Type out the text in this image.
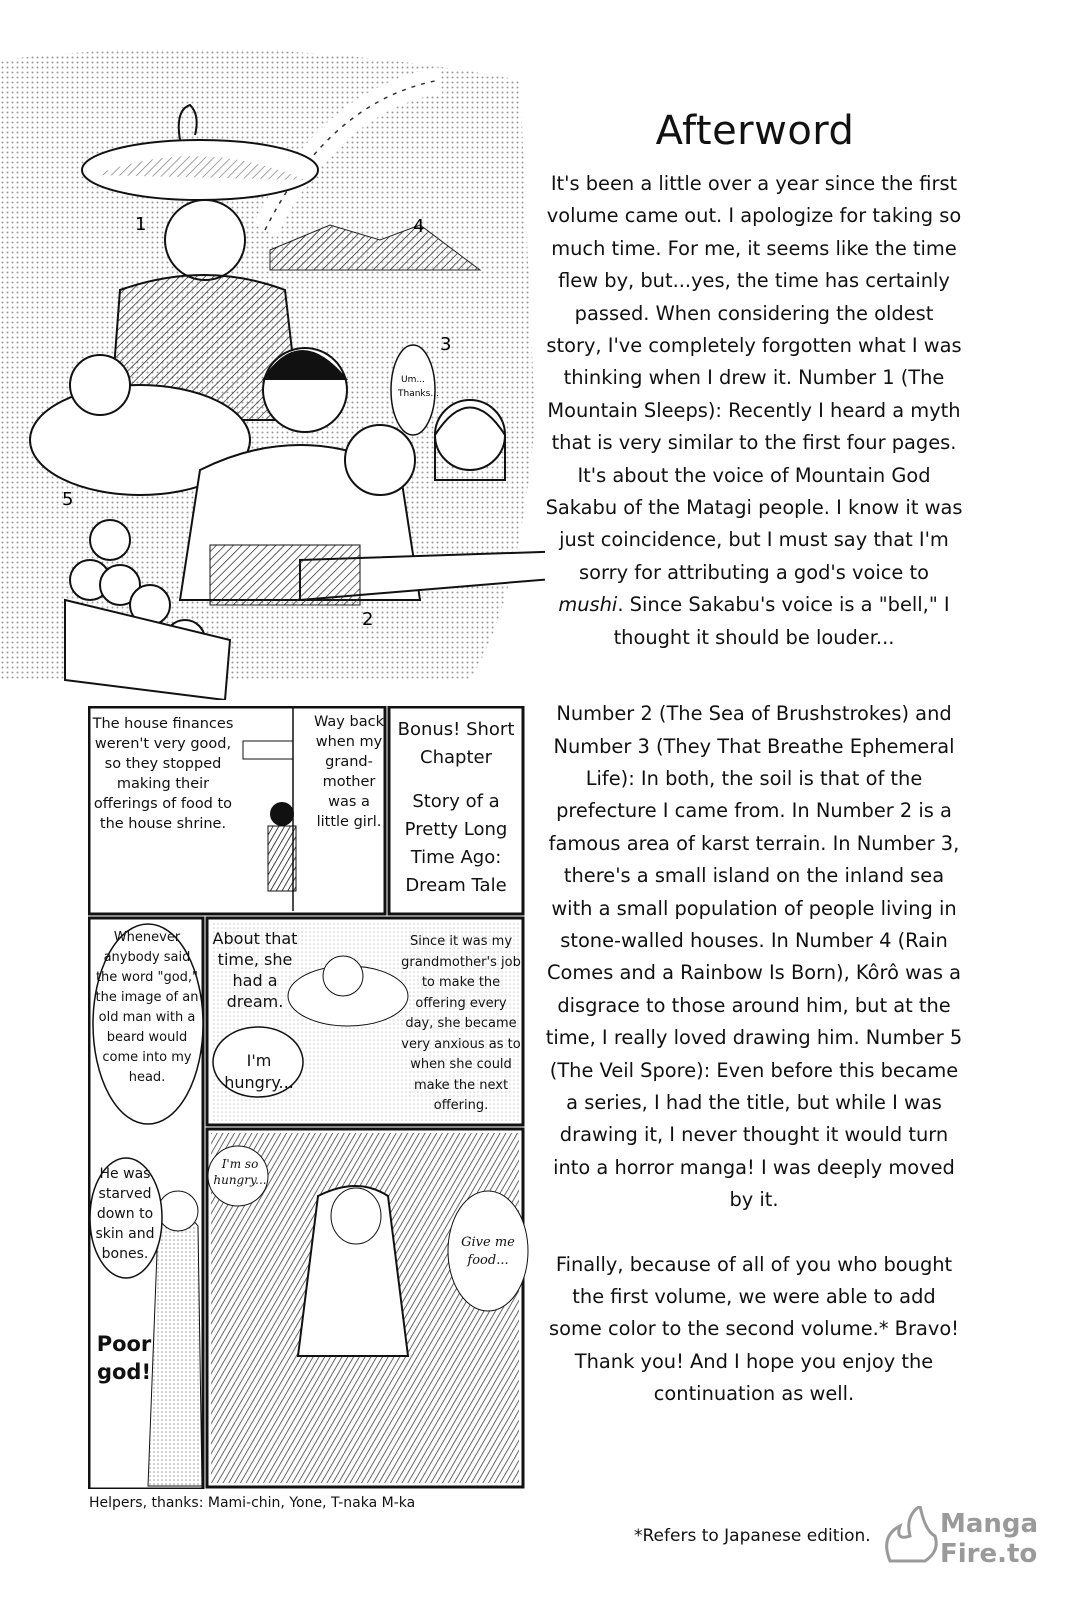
Um...
Thanks...
1
2
3
4
5
Afterword

It's been a little over a year since the first volume came out. I apologize for taking so much time. For me, it seems like the time flew by, but...yes, the time has certainly passed. When considering the oldest story, I've completely forgotten what I was thinking when I drew it. Number 1 (The Mountain Sleeps): Recently I heard a myth that is very similar to the first four pages. It's about the voice of Mountain God Sakabu of the Matagi people. I know it was just coincidence, but I must say that I'm sorry for attributing a god's voice to mushi. Since Sakabu's voice is a "bell," I thought it should be louder...

Number 2 (The Sea of Brushstrokes) and Number 3 (They That Breathe Ephemeral Life): In both, the soil is that of the prefecture I came from. In Number 2 is a famous area of karst terrain. In Number 3, there's a small island on the inland sea with a small population of people living in stone-walled houses. In Number 4 (Rain Comes and a Rainbow Is Born), Kôrô was a disgrace to those around him, but at the time, I really loved drawing him. Number 5 (The Veil Spore): Even before this became a series, I had the title, but while I was drawing it, I never thought it would turn into a horror manga! I was deeply moved by it.

Finally, because of all of you who bought the first volume, we were able to add some color to the second volume.* Bravo! Thank you! And I hope you enjoy the continuation as well.

The house finances weren't very good, so they stopped making their offerings of food to the house shrine.
Way back when my grand- mother was a little girl.
Bonus! Short Chapter
Story of a Pretty Long Time Ago: Dream Tale
Whenever anybody said the word "god," the image of an old man with a beard would come into my head.
About that time, she had a dream.
I'm hungry...
Since it was my grandmother's job to make the offering every day, she became very anxious as to when she could make the next offering.
He was starved down to skin and bones.
Poor god!
I'm so hungry...
Give me food...
Helpers, thanks: Mami-chin, Yone, T-naka M-ka
*Refers to Japanese edition.	Manga
Fire.to
